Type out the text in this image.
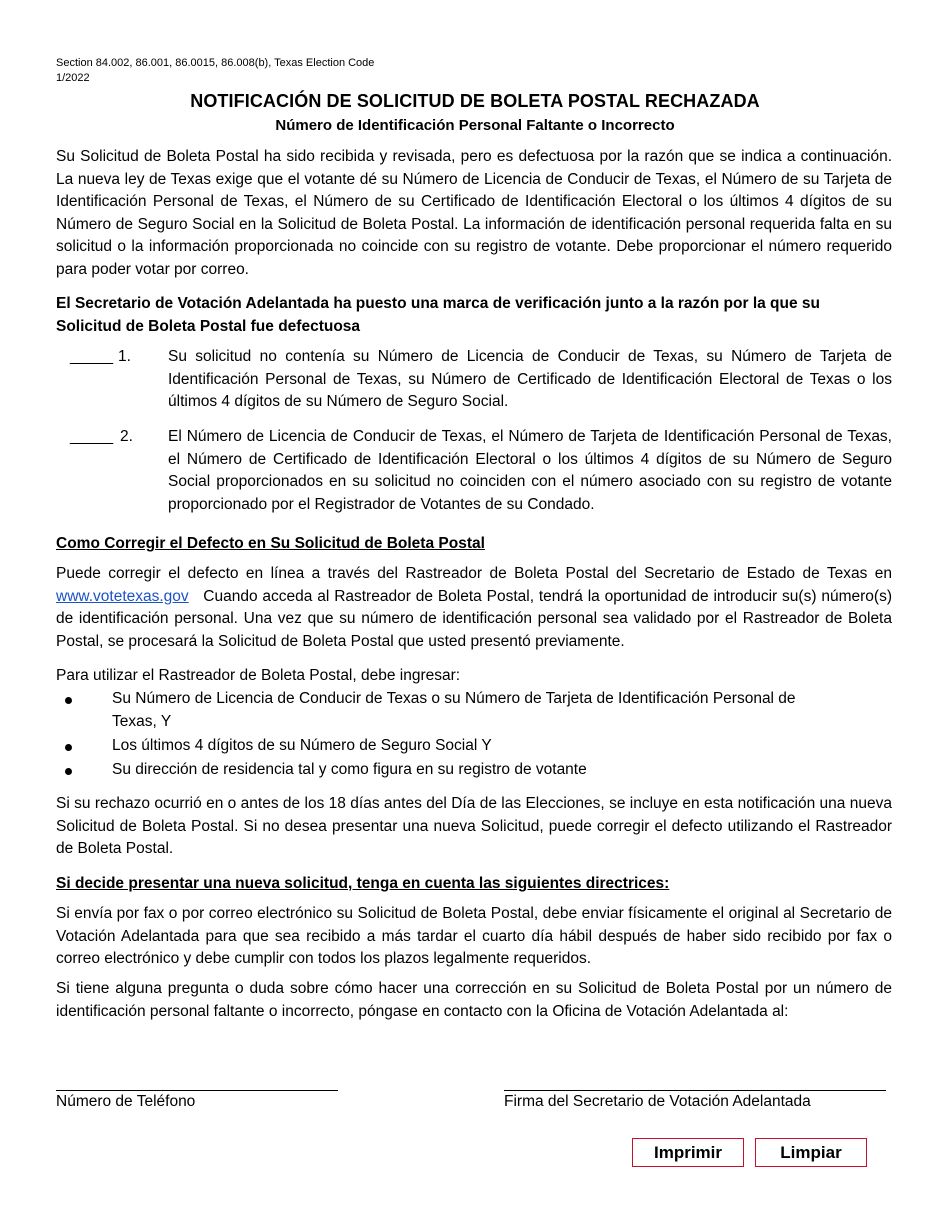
Section 84.002, 86.001, 86.0015, 86.008(b), Texas Election Code
1/2022
NOTIFICACIÓN DE SOLICITUD DE BOLETA POSTAL RECHAZADA
Número de Identificación Personal Faltante o Incorrecto
Su Solicitud de Boleta Postal ha sido recibida y revisada, pero es defectuosa por la razón que se indica a continuación. La nueva ley de Texas exige que el votante dé su Número de Licencia de Conducir de Texas, el Número de su Tarjeta de Identificación Personal de Texas, el Número de su Certificado de Identificación Electoral o los últimos 4 dígitos de su Número de Seguro Social en la Solicitud de Boleta Postal. La información de identificación personal requerida falta en su solicitud o la información proporcionada no coincide con su registro de votante. Debe proporcionar el número requerido para poder votar por correo.
El Secretario de Votación Adelantada ha puesto una marca de verificación junto a la razón por la que su Solicitud de Boleta Postal fue defectuosa
_____ 1. Su solicitud no contenía su Número de Licencia de Conducir de Texas, su Número de Tarjeta de Identificación Personal de Texas, su Número de Certificado de Identificación Electoral de Texas o los últimos 4 dígitos de su Número de Seguro Social.
_____ 2. El Número de Licencia de Conducir de Texas, el Número de Tarjeta de Identificación Personal de Texas, el Número de Certificado de Identificación Electoral o los últimos 4 dígitos de su Número de Seguro Social proporcionados en su solicitud no coinciden con el número asociado con su registro de votante proporcionado por el Registrador de Votantes de su Condado.
Como Corregir el Defecto en Su Solicitud de Boleta Postal
Puede corregir el defecto en línea a través del Rastreador de Boleta Postal del Secretario de Estado de Texas en www.votetexas.gov   Cuando acceda al Rastreador de Boleta Postal, tendrá la oportunidad de introducir su(s) número(s) de identificación personal. Una vez que su número de identificación personal sea validado por el Rastreador de Boleta Postal, se procesará la Solicitud de Boleta Postal que usted presentó previamente.
Para utilizar el Rastreador de Boleta Postal, debe ingresar:
Su Número de Licencia de Conducir de Texas o su Número de Tarjeta de Identificación Personal de Texas, Y
Los últimos 4 dígitos de su Número de Seguro Social Y
Su dirección de residencia tal y como figura en su registro de votante
Si su rechazo ocurrió en o antes de los 18 días antes del Día de las Elecciones, se incluye en esta notificación una nueva Solicitud de Boleta Postal. Si no desea presentar una nueva Solicitud, puede corregir el defecto utilizando el Rastreador de Boleta Postal.
Si decide presentar una nueva solicitud, tenga en cuenta las siguientes directrices:
Si envía por fax o por correo electrónico su Solicitud de Boleta Postal, debe enviar físicamente el original al Secretario de Votación Adelantada para que sea recibido a más tardar el cuarto día hábil después de haber sido recibido por fax o correo electrónico y debe cumplir con todos los plazos legalmente requeridos.
Si tiene alguna pregunta o duda sobre cómo hacer una corrección en su Solicitud de Boleta Postal por un número de identificación personal faltante o incorrecto, póngase en contacto con la Oficina de Votación Adelantada al:
Número de Teléfono	Firma del Secretario de Votación Adelantada
Imprimir	Limpiar
